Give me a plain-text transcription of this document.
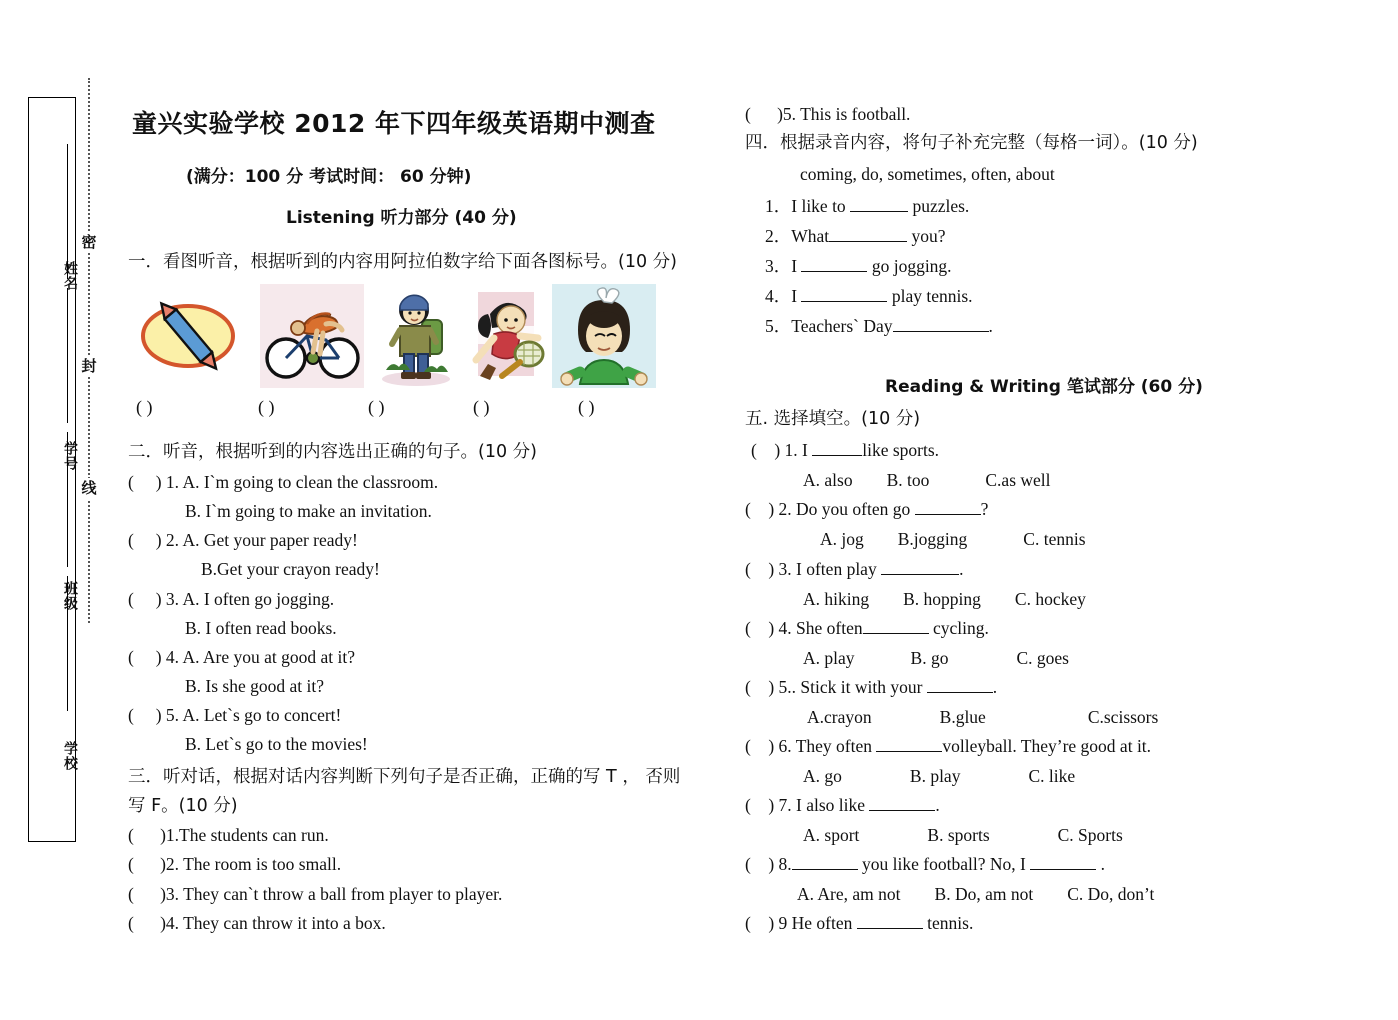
姓名
学号
班级
学校
密
封
线
童兴实验学校 2012 年下四年级英语期中测查
(满分：100 分 考试时间： 60 分钟)
Listening 听力部分 (40 分)
一．看图听音，根据听到的内容用阿拉伯数字给下面各图标号。(10 分)
( )	( )	( )	( )	( )
二．听音，根据听到的内容选出正确的句子。(10 分)
(     ) 1. A. I`m going to clean the classroom.
B. I`m going to make an invitation.
(     ) 2. A. Get your paper ready!
B.Get your crayon ready!
(     ) 3. A. I often go jogging.
B. I often read books.
(     ) 4. A. Are you at good at it?
B. Is she good at it?
(     ) 5. A. Let`s go to concert!
B. Let`s go to the movies!
三．听对话，根据对话内容判断下列句子是否正确，正确的写 T ， 否则
写 F。(10 分)
(      )1.The students can run.
(      )2. The room is too small.
(      )3. They can`t throw a ball from player to player.
(      )4. They can throw it into a box.
(      )5. This is football.
四．根据录音内容，将句子补充完整（每格一词）。(10 分)
coming, do, sometimes, often, about
1．I like to	puzzles.
2．What	you?
3．I	go jogging.
4．I	play tennis.
5．Teachers` Day	.
Reading & Writing 笔试部分 (60 分)
五. 选择填空。(10 分)
(    ) 1. I	like sports.
A. also B. too	C.as well
(    ) 2. Do you often go	?
A. jog B.jogging	C. tennis
(    ) 3. I often play	.
A. hiking B. hopping C. hockey
(    ) 4. She often	cycling.
A. play	B. go	C. goes
(    ) 5.. Stick it with your	.
A.crayon	B.glue	C.scissors
(    ) 6. They often	volleyball. They’re good at it.
A. go	B. play	C. like
(    ) 7. I also like	.
A. sport	B. sports	C. Sports
(    ) 8.	you like football? No, I	.
A. Are, am not B. Do, am not C. Do, don’t
(    ) 9 He often	tennis.
